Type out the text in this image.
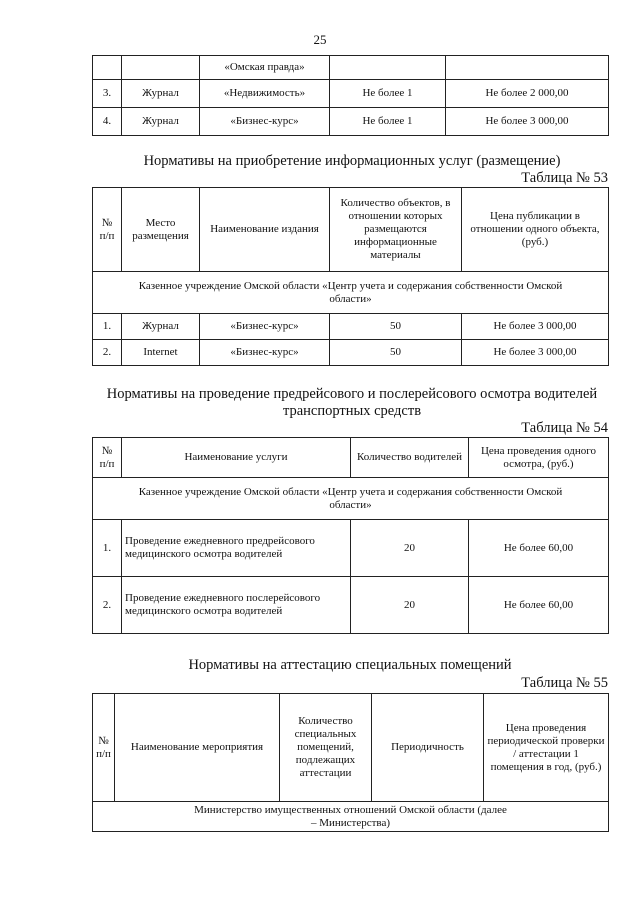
25
		«Омская правда»		
3.	Журнал	«Недвижимость»	Не более 1	Не более 2 000,00
4.	Журнал	«Бизнес-курс»	Не более 1	Не более 3 000,00
Нормативы на приобретение информационных услуг (размещение)
Таблица № 53
№ п/п	Место размещения	Наименование издания	Количество объектов, в отношении которых размещаются информационные материалы	Цена публикации в отношении одного объекта, (руб.)
Казенное учреждение Омской области «Центр учета и содержания собственности Омской области»				
1.	Журнал	«Бизнес-курс»	50	Не более 3 000,00
2.	Internet	«Бизнес-курс»	50	Не более 3 000,00
Нормативы на проведение предрейсового и послерейсового осмотра водителей транспортных средств
Таблица № 54
№ п/п	Наименование услуги	Количество водителей	Цена проведения одного осмотра, (руб.)
Казенное учреждение Омской области «Центр учета и содержания собственности Омской области»			
1.	Проведение ежедневного предрейсового медицинского осмотра водителей	20	Не более 60,00
2.	Проведение ежедневного послерейсового медицинского осмотра водителей	20	Не более 60,00
Нормативы на аттестацию специальных помещений
Таблица № 55
№ п/п	Наименование мероприятия	Количество специальных помещений, подлежащих аттестации	Периодичность	Цена проведения периодической проверки / аттестации 1 помещения в год, (руб.)
Министерство имущественных отношений Омской области (далее – Министерства)
